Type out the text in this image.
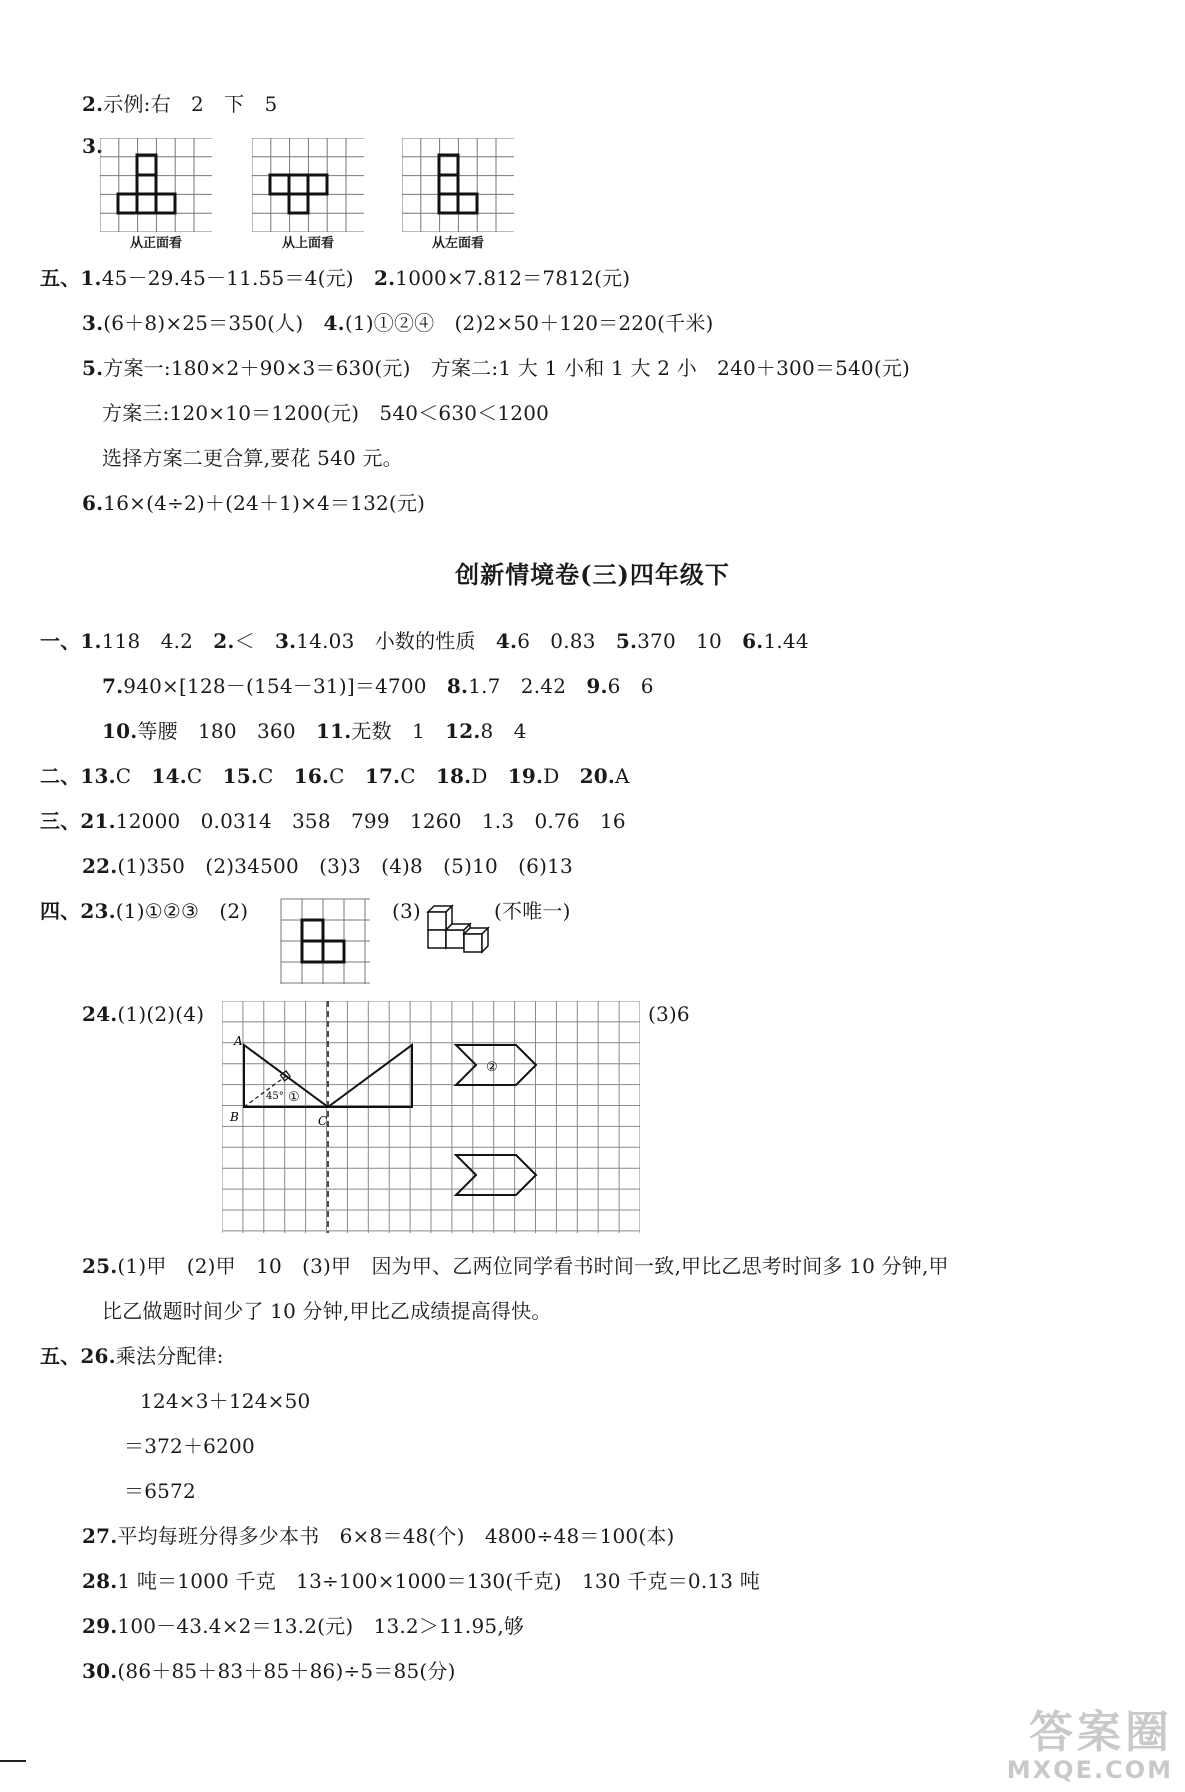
2.示例:右　2　下　5
3.
从正面看	从上面看	从左面看
五、1.45－29.45－11.55＝4(元)　2.1000×7.812＝7812(元)
3.(6＋8)×25＝350(人)　4.(1)①②④　(2)2×50＋120＝220(千米)
5.方案一:180×2＋90×3＝630(元)　方案二:1 大 1 小和 1 大 2 小　240＋300＝540(元)
方案三:120×10＝1200(元)　540＜630＜1200
选择方案二更合算,要花 540 元。
6.16×(4÷2)＋(24＋1)×4＝132(元)
创新情境卷(三)四年级下
一、1.118　4.2　2.＜　3.14.03　小数的性质　4.6　0.83　5.370　10　6.1.44
7.940×[128－(154－31)]＝4700　8.1.7　2.42　9.6　6
10.等腰　180　360　11.无数　1　12.8　4
二、13.C　14.C　15.C　16.C　17.C　18.D　19.D　20.A
三、21.12000　0.0314　358　799　1260　1.3　0.76　16
22.(1)350　(2)34500　(3)3　(4)8　(5)10　(6)13
四、23.(1)①②③　(2)	(3)	(不唯一)
24.(1)(2)(4)
A
B	C
45° ①
②
(3)6
25.(1)甲　(2)甲　10　(3)甲　因为甲、乙两位同学看书时间一致,甲比乙思考时间多 10 分钟,甲
比乙做题时间少了 10 分钟,甲比乙成绩提高得快。
五、26.乘法分配律:
124×3＋124×50
＝372＋6200
＝6572
27.平均每班分得多少本书　6×8＝48(个)　4800÷48＝100(本)
28.1 吨＝1000 千克　13÷100×1000＝130(千克)　130 千克＝0.13 吨
29.100－43.4×2＝13.2(元)　13.2＞11.95,够
30.(86＋85＋83＋85＋86)÷5＝85(分)
答案圈
MXQE.COM
